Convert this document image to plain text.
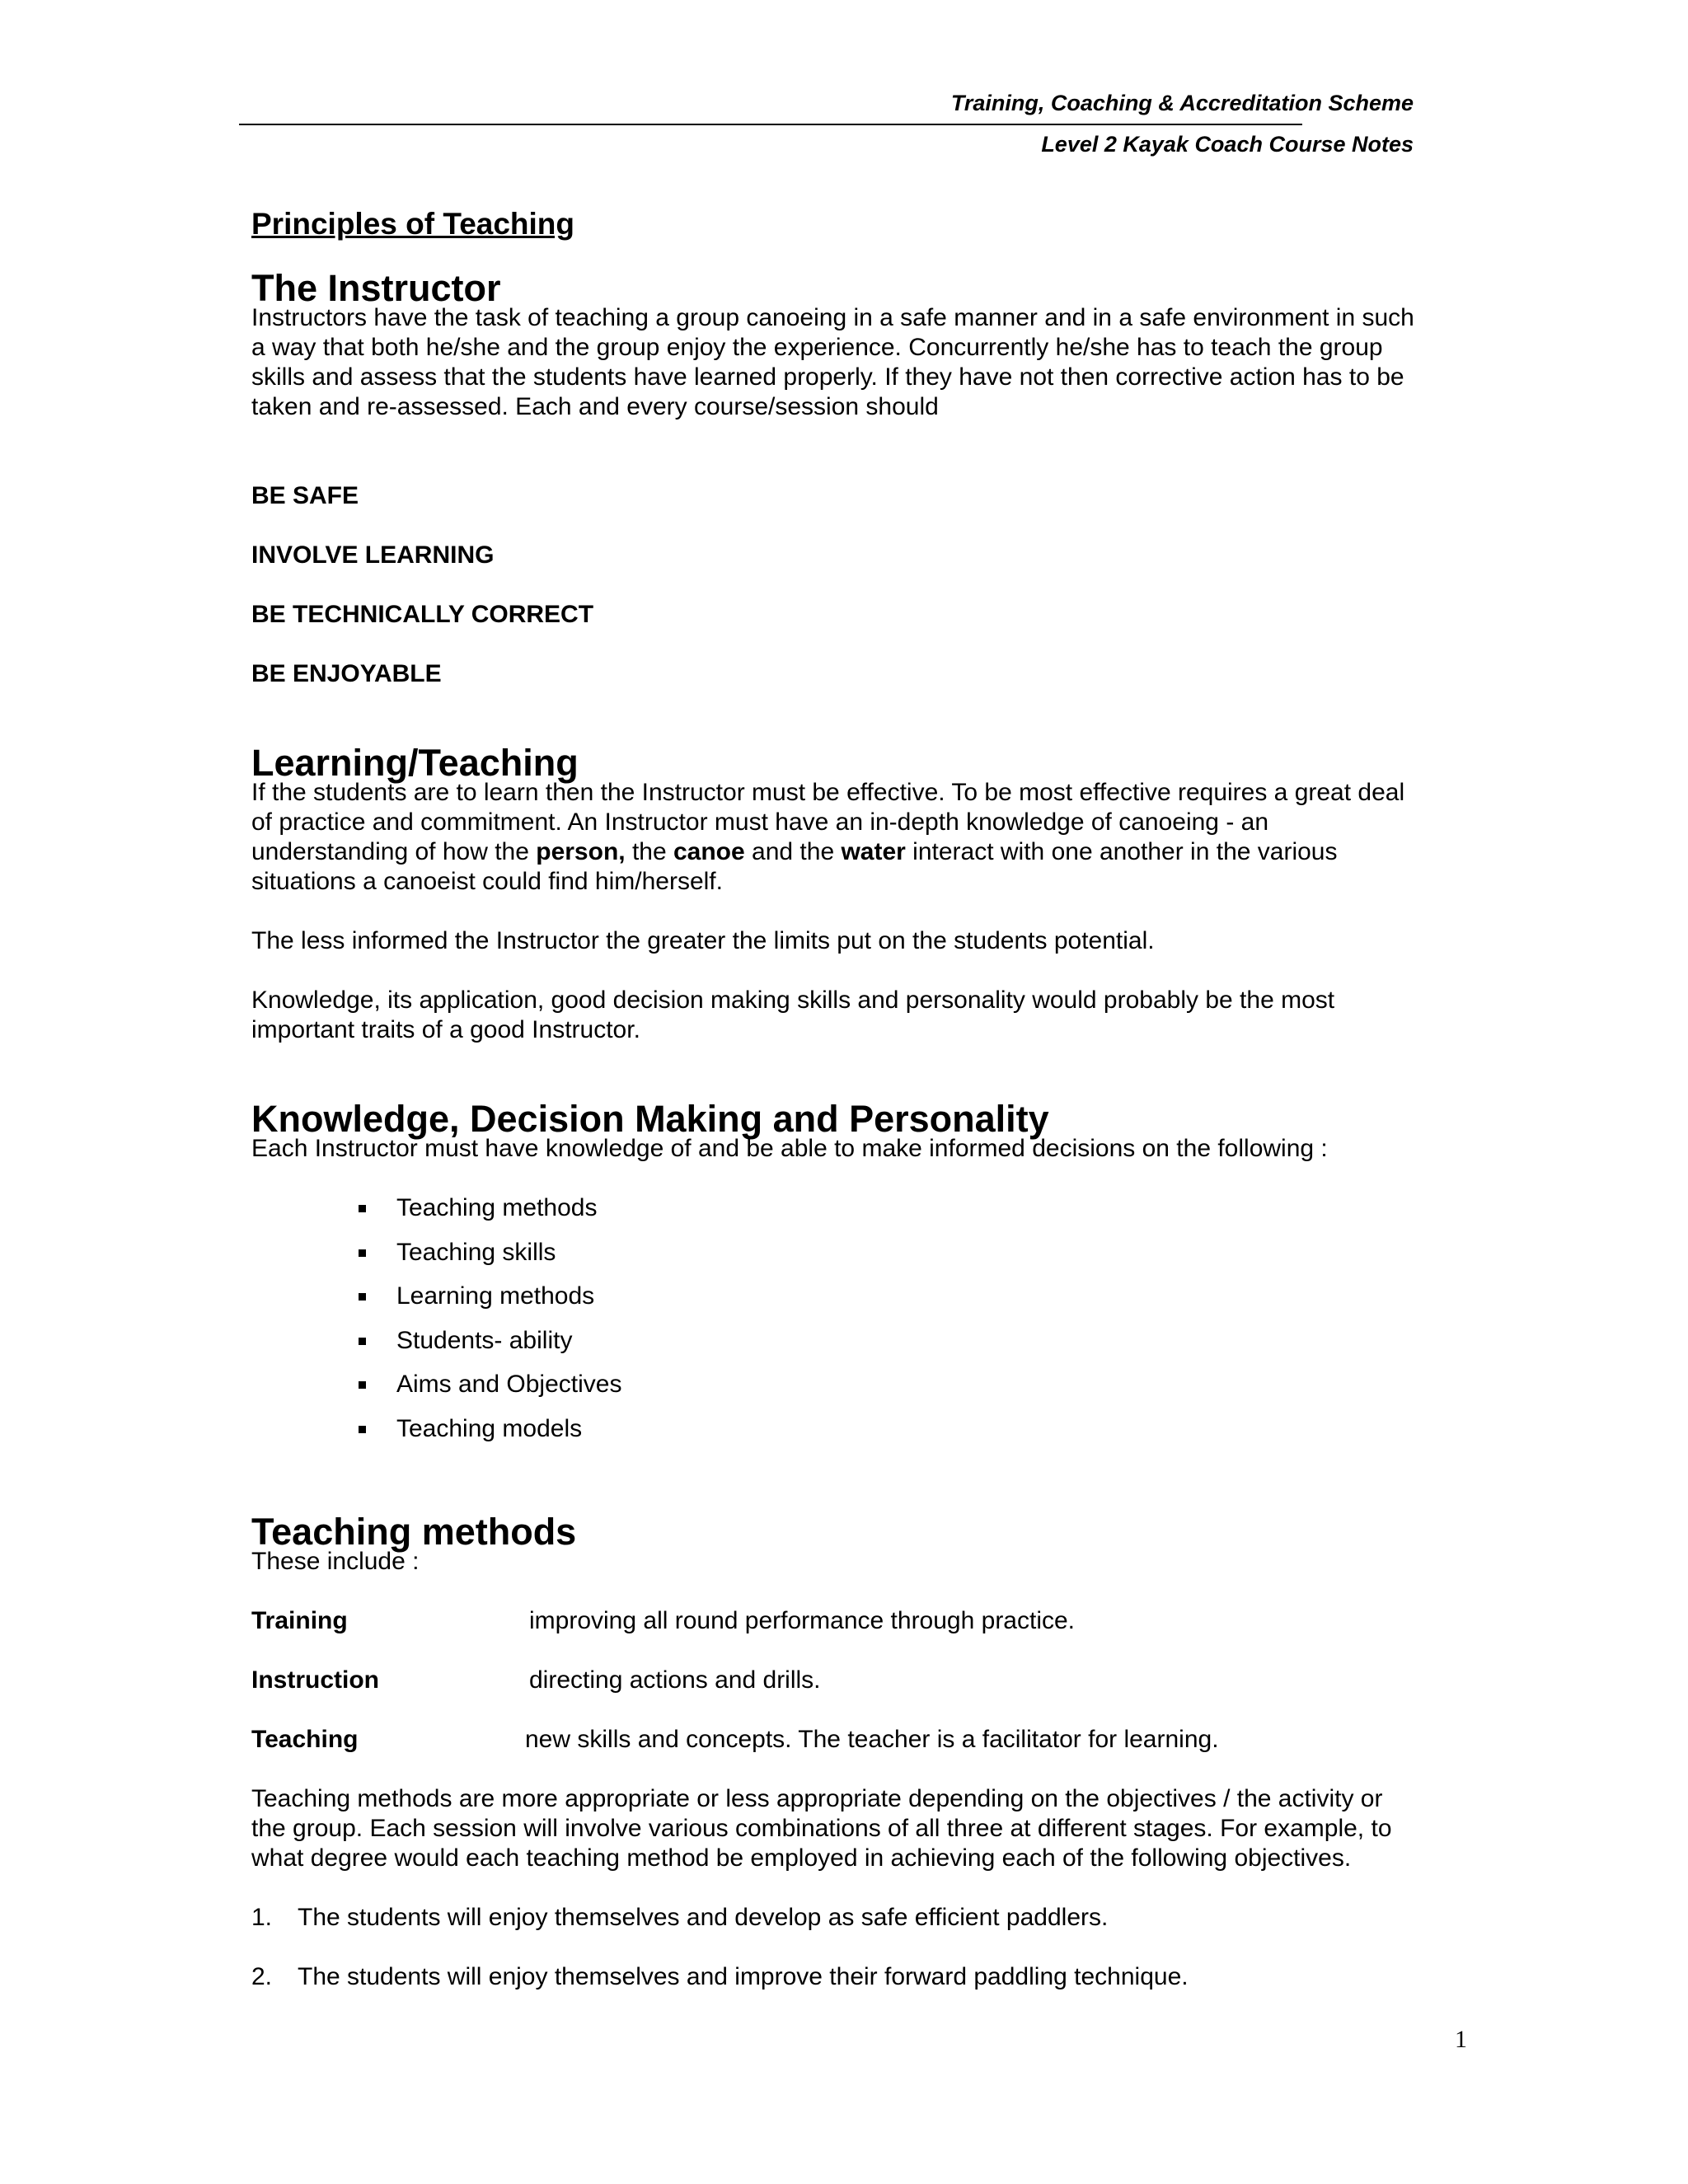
Training, Coaching & Accreditation Scheme
Level 2 Kayak Coach Course Notes
Principles of Teaching
The Instructor

Instructors have the task of teaching a group canoeing in a safe manner and in a safe environment in such a way that both he/she and the group enjoy the experience. Concurrently he/she has to teach the group skills and assess that the students have learned properly. If they have not then corrective action has to be taken and re-assessed. Each and every course/session should

BE SAFE

INVOLVE LEARNING

BE TECHNICALLY CORRECT

BE ENJOYABLE

Learning/Teaching

If the students are to learn then the Instructor must be effective. To be most effective requires a great deal of practice and commitment. An Instructor must have an in-depth knowledge of canoeing - an understanding of how the person, the canoe and the water interact with one another in the various situations a canoeist could find him/herself.

The less informed the Instructor the greater the limits put on the students potential.

Knowledge, its application, good decision making skills and personality would probably be the most important traits of a good Instructor.

Knowledge, Decision Making and Personality

Each Instructor must have knowledge of and be able to make informed decisions on the following :

Teaching methods
Teaching skills
Learning methods
Students- ability
Aims and Objectives
Teaching models
Teaching methods

These include :

Training	improving all round performance through practice.
Instruction	directing actions and drills.
Teaching	new skills and concepts. The teacher is a facilitator for learning.

Teaching methods are more appropriate or less appropriate depending on the objectives / the activity or the group. Each session will involve various combinations of all three at different stages. For example, to what degree would each teaching method be employed in achieving each of the following objectives.

1.	The students will enjoy themselves and develop as safe efficient paddlers.
2.	The students will enjoy themselves and improve their forward paddling technique.
1
